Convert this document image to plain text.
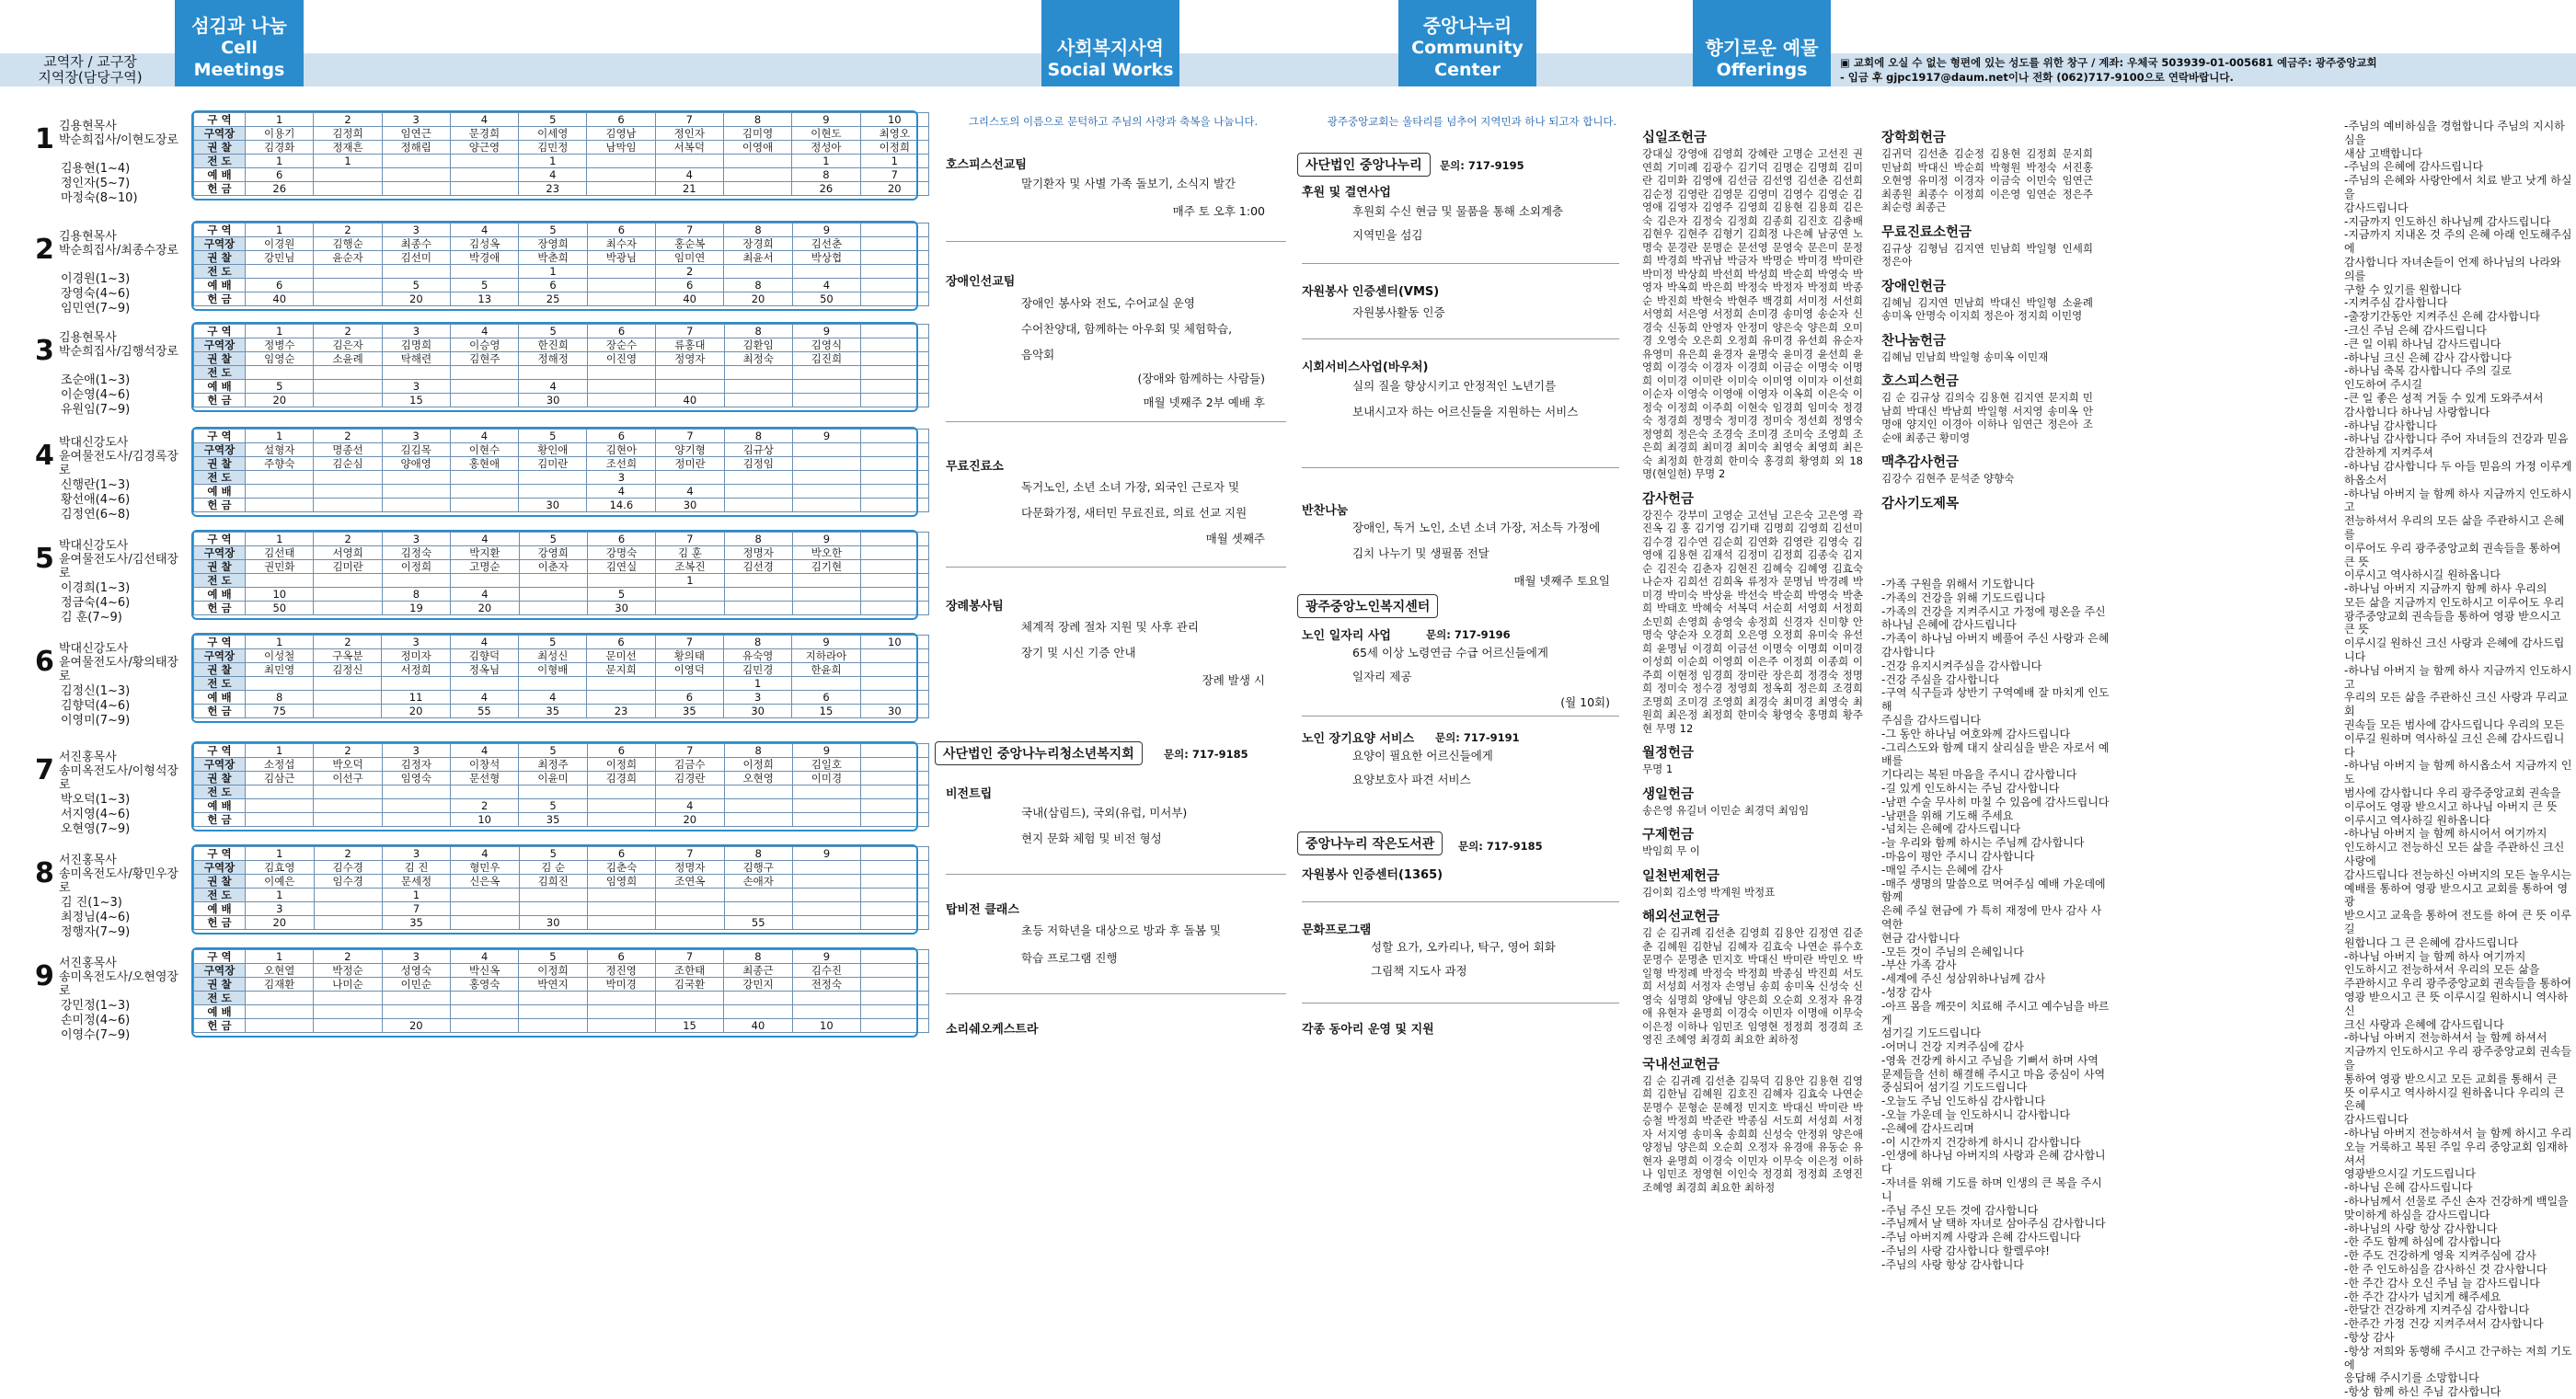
교역자 / 교구장
지역장(담당구역)
섬김과 나눔
Cell Meetings
사회복지사역
Social Works
중앙나누리
Community Center
향기로운 예물
Offerings	▣ 교회에 오실 수 없는 형편에 있는 성도를 위한 창구 / 계좌: 우체국 503939-01-005681 예금주: 광주중앙교회
- 입금 후 gjpc1917@daum.net이나 전화 (062)717-9100으로 연락바랍니다.
1 김용현목사
박순희집사/이현도장로
김용현(1~4)
정인자(5~7)
마정숙(8~10)
구 역	1	2	3	4	5	6	7	8	9	10
구역장	이용기	김정희	임연근	문경희	이세영	김영남	정인자	김미영	이현도	최영오
권 찰	김경화	정재흔	정해림	양근영	김민정	남막임	서복덕	이영애	정성아	이정희
전 도	1	1			1				1	1
예 배	6				4		4		8	7
헌 금	26				23		21		26	20
2 김용현목사
박순희집사/최종수장로
이경원(1~3)
장영숙(4~6)
임민연(7~9)
구 역	1	2	3	4	5	6	7	8	9	
구역장	이경원	김행순	최종수	김성옥	장영희	최수자	홍순복	장경희	김선춘	
권 찰	강민님	윤순자	김선미	박경애	박춘희	박광님	임미연	최윤서	박상협	
전 도					1		2			
예 배	6		5	5	6		6	8	4	
헌 금	40		20	13	25		40	20	50	
3 김용현목사
박순희집사/김행석장로
조순애(1~3)
이순영(4~6)
유원임(7~9)
구 역	1	2	3	4	5	6	7	8	9	
구역장	정병수	김은자	김명희	이승영	한진희	장순수	류홍대	김환임	김영식	
권 찰	임영순	소윤례	탁해련	김현주	정해정	이진영	정영자	최정숙	김진희	
전 도										
예 배	5		3		4					
헌 금	20		15		30		40			
4 박대신강도사
윤여물전도사/김경록장로
신행란(1~3)
황선애(4~6)
김정연(6~8)
구 역	1	2	3	4	5	6	7	8	9	
구역장	설형자	명종선	김김목	이현수	황인애	김현아	양기형	김규상		
권 찰	주향숙	김순심	양애영	홍현애	김미란	조선희	정미란	김정임		
전 도						3				
예 배						4	4			
헌 금					30	14.6	30			
5 박대신강도사
윤여물전도사/김선태장로
이경희(1~3)
정금숙(4~6)
김 훈(7~9)
구 역	1	2	3	4	5	6	7	8	9	
구역장	김선태	서영희	김정숙	박지환	강영희	강명숙	김 훈	정명자	박오한	
권 찰	권민화	김미란	이정희	고명순	이춘자	김연실	조복진	김선경	김기현	
전 도							1			
예 배	10		8	4		5				
헌 금	50		19	20		30				
6 박대신강도사
윤여물전도사/황의태장로
김정신(1~3)
김향덕(4~6)
이영미(7~9)
구 역	1	2	3	4	5	6	7	8	9	10
구역장	이성철	구옥분	정미자	김향덕	최성신	문미선	황의태	유숙영	지하라아	
권 찰	최민영	김정신	서정희	정옥님	이형배	문지희	이영덕	김민경	한윤희	
전 도								1		
예 배	8		11	4	4		6	3	6	
헌 금	75		20	55	35	23	35	30	15	30
7 서진홍목사
송미옥전도사/이형석장로
박오덕(1~3)
서지영(4~6)
오현영(7~9)
구 역	1	2	3	4	5	6	7	8	9	
구역장	소정섭	박오덕	김정자	이창석	최정주	이정희	김금수	이정희	김일호	
권 찰	김삼근	이선구	임영숙	문선형	이윤미	김경희	김경란	오현영	이미경	
전 도										
예 배				2	5		4			
헌 금				10	35		20			
8 서진홍목사
송미옥전도사/황민우장로
김 진(1~3)
최정님(4~6)
정행자(7~9)
구 역	1	2	3	4	5	6	7	8	9	
구역장	김효영	김수경	김 진	형민우	김 순	김춘숙	정명자	김행구		
권 찰	이예은	임수경	문세정	신은옥	김희진	임영희	조연옥	손애자		
전 도	1		1							
예 배	3		7							
헌 금	20		35		30			55		
9 서진홍목사
송미옥전도사/오현영장로
강민정(1~3)
손미정(4~6)
이영수(7~9)
구 역	1	2	3	4	5	6	7	8	9	
구역장	오현열	박정순	성영숙	박신옥	이정희	정진영	조한태	최종근	김수진	
권 찰	김재환	나미순	이민순	홍영숙	박연지	박미경	김국환	강민지	전정숙	
전 도										
예 배										
헌 금			20				15	40	10	
그리스도의 이름으로 문턱하고 주님의 사랑과 축복을 나눕니다.
호스피스선교팀
말기환자 및 사별 가족 돌보기, 소식지 발간
매주 토 오후 1:00
장애인선교팀
장애인 봉사와 전도, 수어교실 운영
수어찬양대, 함께하는 아우회 및 체험학습,
음악회
(장애와 함께하는 사람들)
매월 넷째주 2부 예배 후
무료진료소
독거노인, 소년 소녀 가장, 외국인 근로자 및
다문화가정, 새터민 무료진료, 의료 선교 지원
매월 셋째주
장례봉사팀
체계적 장례 절차 지원 및 사후 관리
장기 및 시신 기증 안내
장례 발생 시
사단법인 중앙나누리청소년복지회	문의: 717-9185
비전트립
국내(삼림드), 국외(유럽, 미서부)
현지 문화 체험 및 비전 형성
탑비전 클래스
초등 저학년을 대상으로 방과 후 돌봄 및
학습 프로그램 진행
소리쉐오케스트라
광주중앙교회는 울타리를 넘추어 지역민과 하나 되고자 합니다.
사단법인 중앙나누리	문의: 717-9195
후원 및 결연사업
후원회 수신 현금 및 물품을 통해 소외계층
지역민을 섬김
자원봉사 인증센터(VMS)
자원봉사활동 인증
시회서비스사업(바우처)
실의 질을 향상시키고 안정적인 노년기를
보내시고자 하는 어르신들을 지원하는 서비스
반찬나눔
장애인, 독거 노인, 소년 소녀 가장, 저소득 가정에
김치 나누기 및 생필품 전달
매월 넷째주 토요일
광주중앙노인복지센터
노인 일자리 사업	문의: 717-9196
65세 이상 노령연금 수급 어르신들에게
일자리 제공
(월 10회)
노인 장기요양 서비스 문의: 717-9191
요양이 필요한 어르신들에게
요양보호사 파견 서비스
중앙나누리 작은도서관	문의: 717-9185
자원봉사 인증센터(1365)
문화프로그램
성할 요가, 오카리나, 탁구, 영어 회화
그림책 지도사 과정
각종 동아리 운영 및 지원
십일조헌금
강대실 강영애 김영희 강혜란 고명순 고선진 권연희 기미례 김광수 김기덕 김명순 김명희 김미란 김미화 김영애 김선금 김선영 김선춘 김선희 김순정 김영란 김영문 김영미 김영수 김영순 김영애 김영자 김영주 김영희 김용현 김용희 김은숙 김은자 김정숙 김정희 김종희 김진호 김충배 김현우 김현주 김형기 김희정 나은혜 남궁연 노명숙 문경란 문명순 문선영 문영숙 문은미 문정희 박경희 박귀남 박금자 박명순 박미경 박미란 박미정 박상희 박선희 박성희 박순희 박영숙 박영자 박옥희 박은희 박정숙 박정자 박정희 박종순 박진희 박현숙 박현주 백경희 서미정 서선희 서영희 서은영 서정희 손미경 송미영 송순자 신경숙 신동희 안영자 안정미 양은숙 양은희 오미경 오영숙 오은희 오정희 유미경 유선희 유순자 유영미 유은희 윤경자 윤명숙 윤미경 윤선희 윤영희 이경숙 이경자 이경희 이금순 이명숙 이명희 이미경 이미란 이미숙 이미영 이미자 이선희 이순자 이영숙 이영애 이영자 이옥희 이은숙 이정숙 이정희 이주희 이현숙 임경희 임미숙 정경숙 정경희 정명숙 정미경 정미숙 정선희 정영숙 정영희 정은숙 조경숙 조미경 조미숙 조영희 조은희 최경희 최미경 최미숙 최영숙 최영희 최은숙 최정희 한경희 한미숙 홍경희 황영희 외 18명(현일헌) 무명 2
감사헌금
강진수 강부미 고영순 고선님 고은숙 고은영 곽진옥 김 홍 김기영 김기태 김명희 김영희 김선미 김수경 김수연 김순희 김연화 김영란 김영숙 김영애 김용현 김재석 김정미 김정희 김종숙 김지순 김진숙 김춘자 김현진 김혜숙 김혜영 김효숙 나순자 김희선 김희옥 류정자 문명님 박경례 박미경 박미숙 박상윤 박선숙 박순희 박영숙 박춘희 박태호 박혜숙 서복덕 서순희 서영희 서정희 소민희 손영희 송영숙 송정희 신경자 신미향 안명숙 양순자 오경희 오은영 오정희 유미숙 유선희 윤명님 이경희 이금선 이명숙 이명희 이미경 이성희 이순희 이영희 이은주 이정희 이종희 이주희 이현정 임경희 장미란 장은희 정경숙 정명희 정미숙 정수경 정영희 정옥희 정은희 조경희 조명희 조미경 조영희 최경숙 최미경 최영숙 최원희 최은정 최정희 한미숙 황영숙 홍명희 황주현 무명 12
월정헌금
무명 1
생일헌금
송은영 유길녀 이민순 최경덕 최임임
구제헌금
박임희 무 이
일천번제헌금
김이회 김소영 박계원 박정표
해외선교헌금
김 순 김귀례 김선춘 김영희 김용안 김정연 김준춘 김혜원 김한님 김혜자 김효숙 나연순 류수호 문명수 문명춘 민지호 박대신 박미란 박민오 박일형 박정례 박정숙 박정희 박종심 박진희 서도희 서성희 서정자 손영님 송희 송미옥 신성숙 신영숙 심명희 양애님 양은희 오순희 오정자 유경애 유현자 윤명희 이경숙 이민자 이명애 이무숙 이은정 이하나 임민조 임영현 정정희 정경희 조영진 조혜영 최경희 최요한 최하정
국내선교헌금
김 순 김귀례 김선춘 김묵덕 김용안 김용현 김영희 김한님 김혜원 김호진 김혜자 김효숙 나연순 문명수 문형순 문혜정 민지호 박대신 박미란 박승철 박정희 박준란 박종심 서도희 서성희 서정자 서지영 송미옥 송희희 신성숙 안정위 양은애 양정님 양은희 오순희 오정자 유경애 유동순 유현자 윤명희 이경숙 이민자 이무숙 이은정 이하나 임민조 정영현 이인숙 정경희 정정희 조영진 조혜영 최경희 최요한 최하정
장학회헌금
김귀덕 김선춘 김순정 김용현 김정희 문지희 민남희 박대신 박순희 박형원 박정숙 서진홍 오현영 유미정 이경자 이금숙 이민숙 임연근 최종원 최종수 이정희 이은영 임연순 정은주 최순령 최종근
무료진료소헌금
김규상 김형님 김지연 민남희 박일형 인세희 정은아
장애인헌금
김혜님 김지연 민남희 박대신 박일형 소윤례 송미옥 안명숙 이지희 정은아 정지희 이민영
찬나눔헌금
김혜님 민남희 박일형 송미옥 이민재
호스피스헌금
김 순 김규상 김의숙 김용현 김지연 문지희 민남희 박대신 박남희 박일형 서지영 송미옥 안명애 양지인 이경아 이하나 임연근 정은아 조순애 최종근 황미영
맥추감사헌금
김강수 김현주 문석준 양향숙
감사기도제목
-가족 구원을 위해서 기도합니다
-가족의 건강을 위해 기도드립니다
-가족의 건강을 지켜주시고 가정에 평온을 주신
하나님 은혜에 감사드립니다
-가족이 하나님 아버지 베풀어 주신 사랑과 은혜
감사합니다
-건강 유지시켜주심을 감사합니다
-건강 주심을 감사합니다
-구역 식구들과 상반기 구역예배 잘 마치게 인도해
주심을 감사드립니다
-그 동안 하나님 여호와께 감사드립니다
-그리스도와 함께 대지 살리심을 받은 자로서 예배를
기다리는 복된 마음을 주시니 감사합니다
-길 있게 인도하시는 주님 감사합니다
-남편 수술 무사히 마칠 수 있음에 감사드립니다
-남편을 위해 기도해 주세요
-넘치는 은혜에 감사드립니다
-늘 우리와 함께 하시는 주님께 감사합니다
-마음이 평안 주시니 감사합니다
-매일 주시는 은혜에 감사
-매주 생명의 말씀으로 먹여주심 예배 가운데에 함께
은혜 주실 현금에 가 특히 재정에 만사 감사 사역한
현금 감사합니다
-모든 것이 주님의 은혜입니다
-부산 가족 감사
-세계에 주신 성삼위하나님께 감사
-성장 감사
-아프 몸을 깨끗이 치료해 주시고 예수님을 바르게
섬기길 기도드립니다
-어머니 건강 지켜주심에 감사
-영육 건강케 하시고 주님을 기뻐서 하며 사역
문제들을 선히 해결해 주시고 마음 중심이 사역
중심되어 섬기길 기도드립니다
-오늘도 주님 인도하심 감사합니다
-오늘 가운데 늘 인도하시니 감사합니다
-은혜에 감사드리며
-이 시간까지 건강하게 하시니 감사합니다
-인생에 하나님 아버지의 사랑과 은혜 감사합니다
-자녀를 위해 기도를 하며 인생의 큰 복을 주시니
-주님 주신 모든 것에 감사합니다
-주님께서 날 택하 자녀로 삼아주심 감사합니다
-주님 아버지께 사랑과 은혜 감사드립니다
-주님의 사랑 감사합니다 할렐루야!
-주님의 사랑 항상 감사합니다
-주님의 예비하심을 경험합니다 주님의 지시하심을
새삼 고백합니다
-주님의 은혜에 감사드립니다
-주님의 은혜와 사랑안에서 치료 받고 낫게 하실을
감사드립니다
-지금까지 인도하신 하나님께 감사드립니다
-지금까지 지내온 것 주의 은혜 아래 인도해주심에
감사합니다 자녀손들이 언제 하나님의 나라와 의를
구할 수 있기를 원합니다
-지켜주심 감사합니다
-출장기간동안 지켜주신 은혜 감사합니다
-크신 주님 은혜 감사드립니다
-큰 일 이뤄 하나님 감사드립니다
-하나님 크신 은혜 감사 감사합니다
-하나님 축복 감사합니다 주의 길로
인도하여 주시길
-큰 일 좋은 성적 거둘 수 있게 도와주셔서
감사합니다 하나님 사랑합니다
-하나님 감사합니다
-하나님 감사합니다 주어 자녀들의 건강과 믿음
감찬하게 지켜주셔
-하나님 감사합니다 두 아들 믿음의 가정 이루게
하옵소서
-하나님 아버지 늘 함께 하사 지금까지 인도하시고
전능하셔서 우리의 모든 삶을 주관하시고 은혜를
이루어도 우리 광주중앙교회 권속들을 통하여 큰 뜻
이루시고 역사하시길 원하옵니다
-하나님 아버지 지금까지 함께 하사 우리의
모든 삶을 지금까지 인도하시고 이루어도 우리
광주중앙교회 권속들을 통하여 영광 받으시고 큰 뜻
이루시길 원하신 크신 사랑과 은혜에 감사드립니다
-하나님 아버지 늘 함께 하사 지금까지 인도하시고
우리의 모든 삶을 주관하신 크신 사랑과 무리교회
권속들 모든 범사에 감사드립니다 우리의 모든
이루길 원하며 역사하실 크신 은혜 감사드립니다
-하나님 아버지 늘 함께 하시옵소서 지금까지 인도
범사에 감사합니다 우리 광주중앙교회 권속을
이루어도 영광 받으시고 하나님 아버지 큰 뜻
이루시고 역사하길 원하옵니다
-하나님 아버지 늘 함께 하시어서 여기까지
인도하시고 전능하신 모든 삶을 주관하신 크신 사랑에
감사드립니다 전능하신 아버지의 모든 놀우시는
예배를 통하여 영광 받으시고 교회를 통하여 영광
받으시고 교육을 통하여 전도를 하여 큰 뜻 이루길
원합니다 그 큰 은혜에 감사드립니다
-하나님 아버지 늘 함께 하사 여기까지
인도하시고 전능하셔서 우리의 모든 삶을
주관하시고 우리 광주중앙교회 권속들을 통하여
영광 받으시고 큰 뜻 이루시길 원하시니 역사하신
크신 사랑과 은혜에 감사드립니다
-하나님 아버지 전능하셔서 늘 함께 하셔서
지금까지 인도하시고 우리 광주중앙교회 권속들을
통하여 영광 받으시고 모든 교회를 통해서 큰
뜻 이루시고 역사하시길 원하옵니다 우리의 큰 은혜
감사드립니다
-하나님 아버지 전능하셔서 늘 함께 하시고 우리
오늘 거룩하고 복된 주일 우리 중앙교회 임재하셔서
영광받으시길 기도드립니다
-하나님 은혜 감사드립니다
-하나님께서 선물로 주신 손자 건강하게 백일을
맞이하게 하심을 감사드립니다
-하나님의 사랑 항상 감사합니다
-한 주도 함께 하심에 감사합니다
-한 주도 건강하게 영육 지켜주심에 감사
-한 주 인도하심을 감사하신 것 감사합니다
-한 주간 감사 오신 주님 늘 감사드립니다
-한 주간 감사가 넘치게 해주세요
-한달간 건강하게 지켜주심 감사합니다
-한주간 가정 건강 지켜주셔서 감사합니다
-항상 감사
-항상 저희와 동행해 주시고 간구하는 저희 기도에
응답해 주시기를 소망합니다
-항상 함께 하신 주님 감사합니다
